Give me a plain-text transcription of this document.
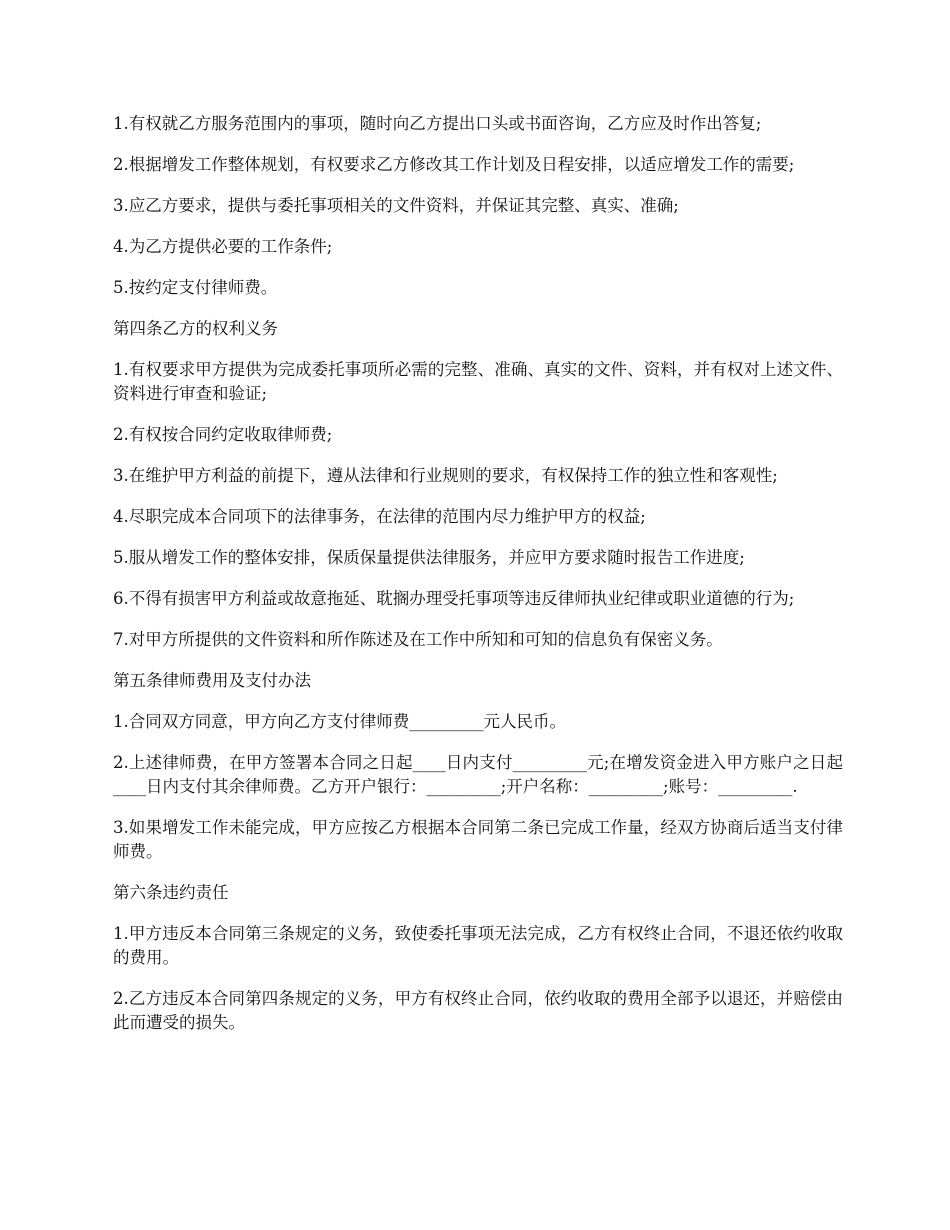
1.有权就乙方服务范围内的事项，随时向乙方提出口头或书面咨询，乙方应及时作出答复;

2.根据增发工作整体规划，有权要求乙方修改其工作计划及日程安排，以适应增发工作的需要;

3.应乙方要求，提供与委托事项相关的文件资料，并保证其完整、真实、准确;

4.为乙方提供必要的工作条件;

5.按约定支付律师费。

第四条乙方的权利义务

1.有权要求甲方提供为完成委托事项所必需的完整、准确、真实的文件、资料，并有权对上述文件、资料进行审查和验证;

2.有权按合同约定收取律师费;

3.在维护甲方利益的前提下，遵从法律和行业规则的要求，有权保持工作的独立性和客观性;

4.尽职完成本合同项下的法律事务，在法律的范围内尽力维护甲方的权益;

5.服从增发工作的整体安排，保质保量提供法律服务，并应甲方要求随时报告工作进度;

6.不得有损害甲方利益或故意拖延、耽搁办理受托事项等违反律师执业纪律或职业道德的行为;

7.对甲方所提供的文件资料和所作陈述及在工作中所知和可知的信息负有保密义务。

第五条律师费用及支付办法

1.合同双方同意，甲方向乙方支付律师费_________元人民币。

2.上述律师费，在甲方签署本合同之日起____日内支付_________元;在增发资金进入甲方账户之日起____日内支付其余律师费。乙方开户银行：_________;开户名称：_________;账号：_________.

3.如果增发工作未能完成，甲方应按乙方根据本合同第二条已完成工作量，经双方协商后适当支付律师费。

第六条违约责任

1.甲方违反本合同第三条规定的义务，致使委托事项无法完成，乙方有权终止合同，不退还依约收取的费用。

2.乙方违反本合同第四条规定的义务，甲方有权终止合同，依约收取的费用全部予以退还，并赔偿由此而遭受的损失。
